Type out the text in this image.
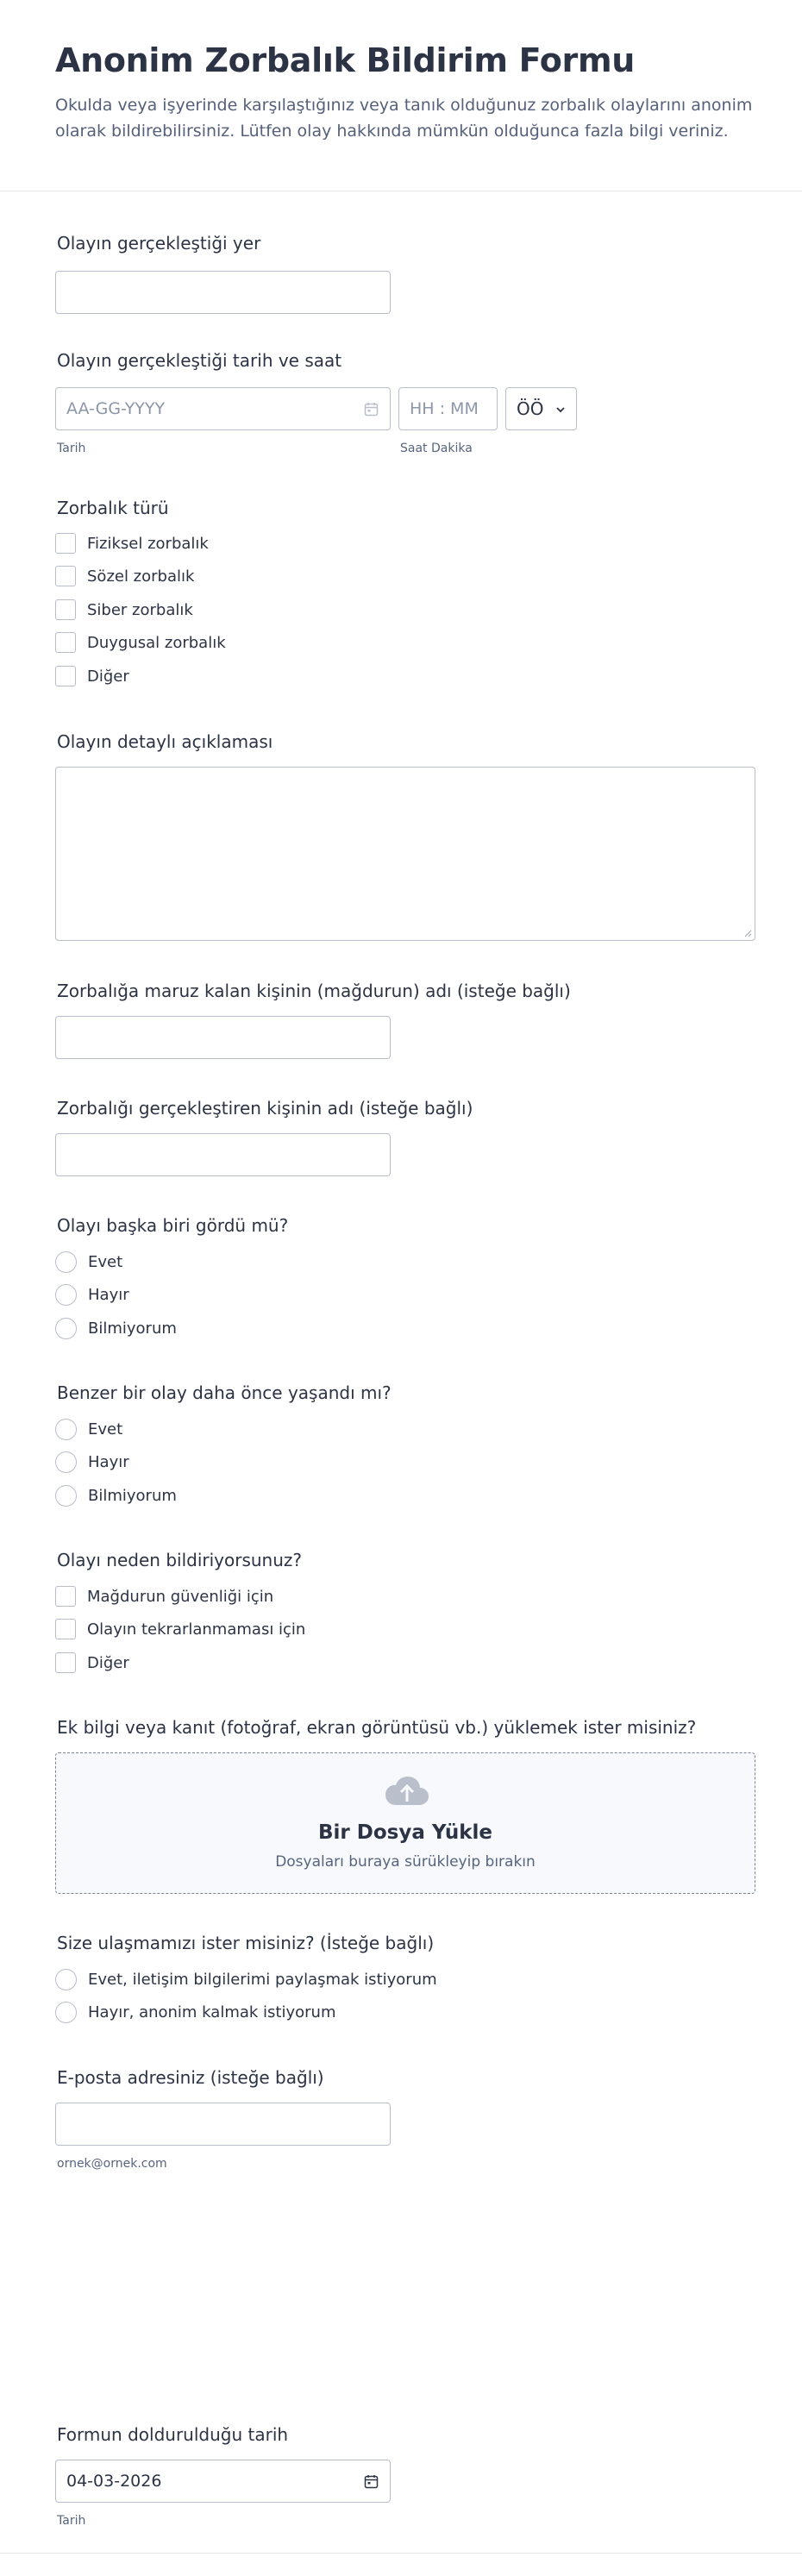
Anonim Zorbalık Bildirim Formu
Okulda veya işyerinde karşılaştığınız veya tanık olduğunuz zorbalık olaylarını anonim olarak bildirebilirsiniz. Lütfen olay hakkında mümkün olduğunca fazla bilgi veriniz.
Olayın gerçekleştiği yer
Olayın gerçekleştiği tarih ve saat
AA-GG-YYYY	HH : MM ÖÖ
Tarih	Saat Dakika
Zorbalık türü
Fiziksel zorbalık
Sözel zorbalık
Siber zorbalık
Duygusal zorbalık
Diğer
Olayın detaylı açıklaması
Zorbalığa maruz kalan kişinin (mağdurun) adı (isteğe bağlı)
Zorbalığı gerçekleştiren kişinin adı (isteğe bağlı)
Olayı başka biri gördü mü?
Evet
Hayır
Bilmiyorum
Benzer bir olay daha önce yaşandı mı?
Evet
Hayır
Bilmiyorum
Olayı neden bildiriyorsunuz?
Mağdurun güvenliği için
Olayın tekrarlanmaması için
Diğer
Ek bilgi veya kanıt (fotoğraf, ekran görüntüsü vb.) yüklemek ister misiniz?
Bir Dosya Yükle
Dosyaları buraya sürükleyip bırakın
Size ulaşmamızı ister misiniz? (İsteğe bağlı)
Evet, iletişim bilgilerimi paylaşmak istiyorum
Hayır, anonim kalmak istiyorum
E-posta adresiniz (isteğe bağlı)
ornek@ornek.com
Formun doldurulduğu tarih
04-03-2026
Tarih
